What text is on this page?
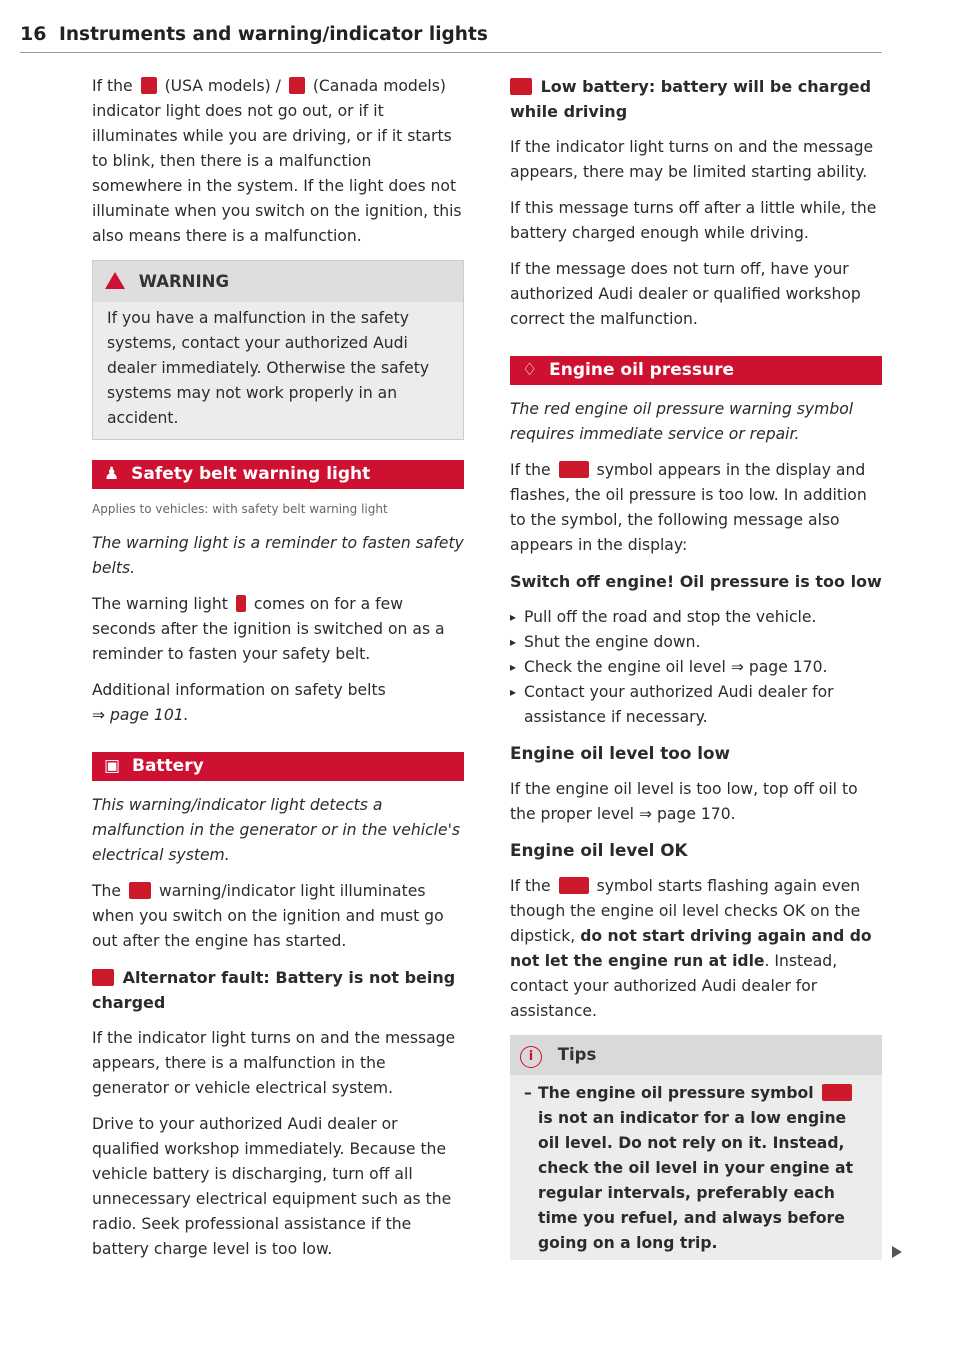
16 Instruments and warning/indicator lights

If the (USA models) / (Canada models) indicator light does not go out, or if it illuminates while you are driving, or if it starts to blink, then there is a malfunction somewhere in the system. If the light does not illuminate when you switch on the ignition, this also means there is a malfunction.

WARNING
If you have a malfunction in the safety systems, contact your authorized Audi dealer immediately. Otherwise the safety systems may not work properly in an accident.
♟ Safety belt warning light
Applies to vehicles: with safety belt warning light

The warning light is a reminder to fasten safety belts.

The warning light comes on for a few seconds after the ignition is switched on as a reminder to fasten your safety belt.

Additional information on safety belts
⇒ page 101.

▣ Battery

This warning/indicator light detects a malfunction in the generator or in the vehicle's electrical system.

The warning/indicator light illuminates when you switch on the ignition and must go out after the engine has started.

Alternator fault: Battery is not being charged

If the indicator light turns on and the message appears, there is a malfunction in the generator or vehicle electrical system.

Drive to your authorized Audi dealer or qualified workshop immediately. Because the vehicle battery is discharging, turn off all unnecessary electrical equipment such as the radio. Seek professional assistance if the battery charge level is too low.

Low battery: battery will be charged while driving

If the indicator light turns on and the message appears, there may be limited starting ability.

If this message turns off after a little while, the battery charged enough while driving.

If the message does not turn off, have your authorized Audi dealer or qualified workshop correct the malfunction.

♢ Engine oil pressure

The red engine oil pressure warning symbol requires immediate service or repair.

If the	symbol appears in the display and flashes, the oil pressure is too low. In addition to the symbol, the following message also appears in the display:

Switch off engine! Oil pressure is too low
▸ Pull off the road and stop the vehicle.
▸ Shut the engine down.
▸ Check the engine oil level ⇒ page 170.
▸ Contact your authorized Audi dealer for assistance if necessary.
Engine oil level too low

If the engine oil level is too low, top off oil to the proper level ⇒ page 170.

Engine oil level OK

If the	symbol starts flashing again even though the engine oil level checks OK on the dipstick, do not start driving again and do not let the engine run at idle. Instead, contact your authorized Audi dealer for assistance.

i Tips
– The engine oil pressure symbol  is not an indicator for a low engine oil level. Do not rely on it. Instead, check the oil level in your engine at regular intervals, preferably each time you refuel, and always before going on a long trip.
